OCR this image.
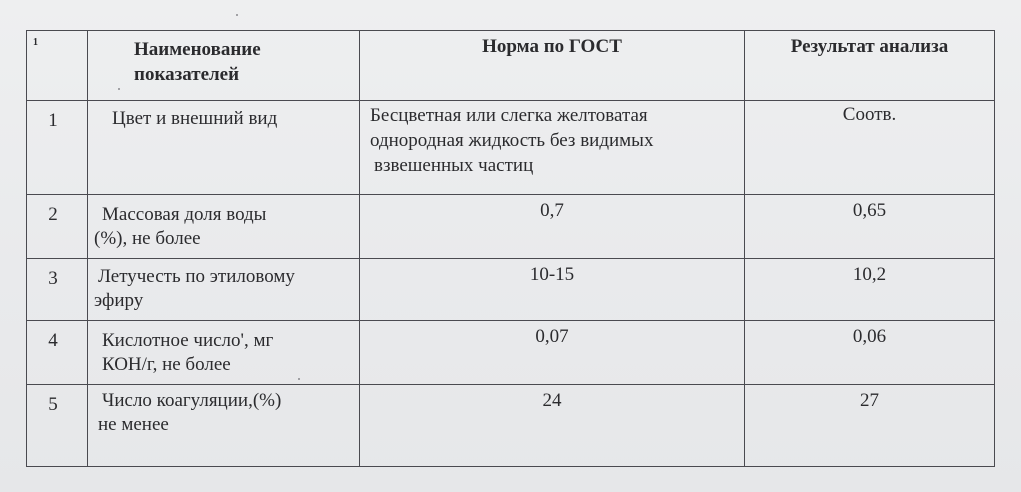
1	Наименование
показателей	Норма по ГОСТ	Результат анализа

1	Цвет и внешний вид	Бесцветная или слегка желтоватая
однородная жидкость без видимых
взвешенных частиц	Соотв.

2	Массовая доля воды
(%), не более	0,7	0,65

3	Летучесть по этиловому
эфиру	10-15	10,2

4	Кислотное число', мг
КОН/г, не более	0,07	0,06

5	Число коагуляции,(%)
не менее	24	27
